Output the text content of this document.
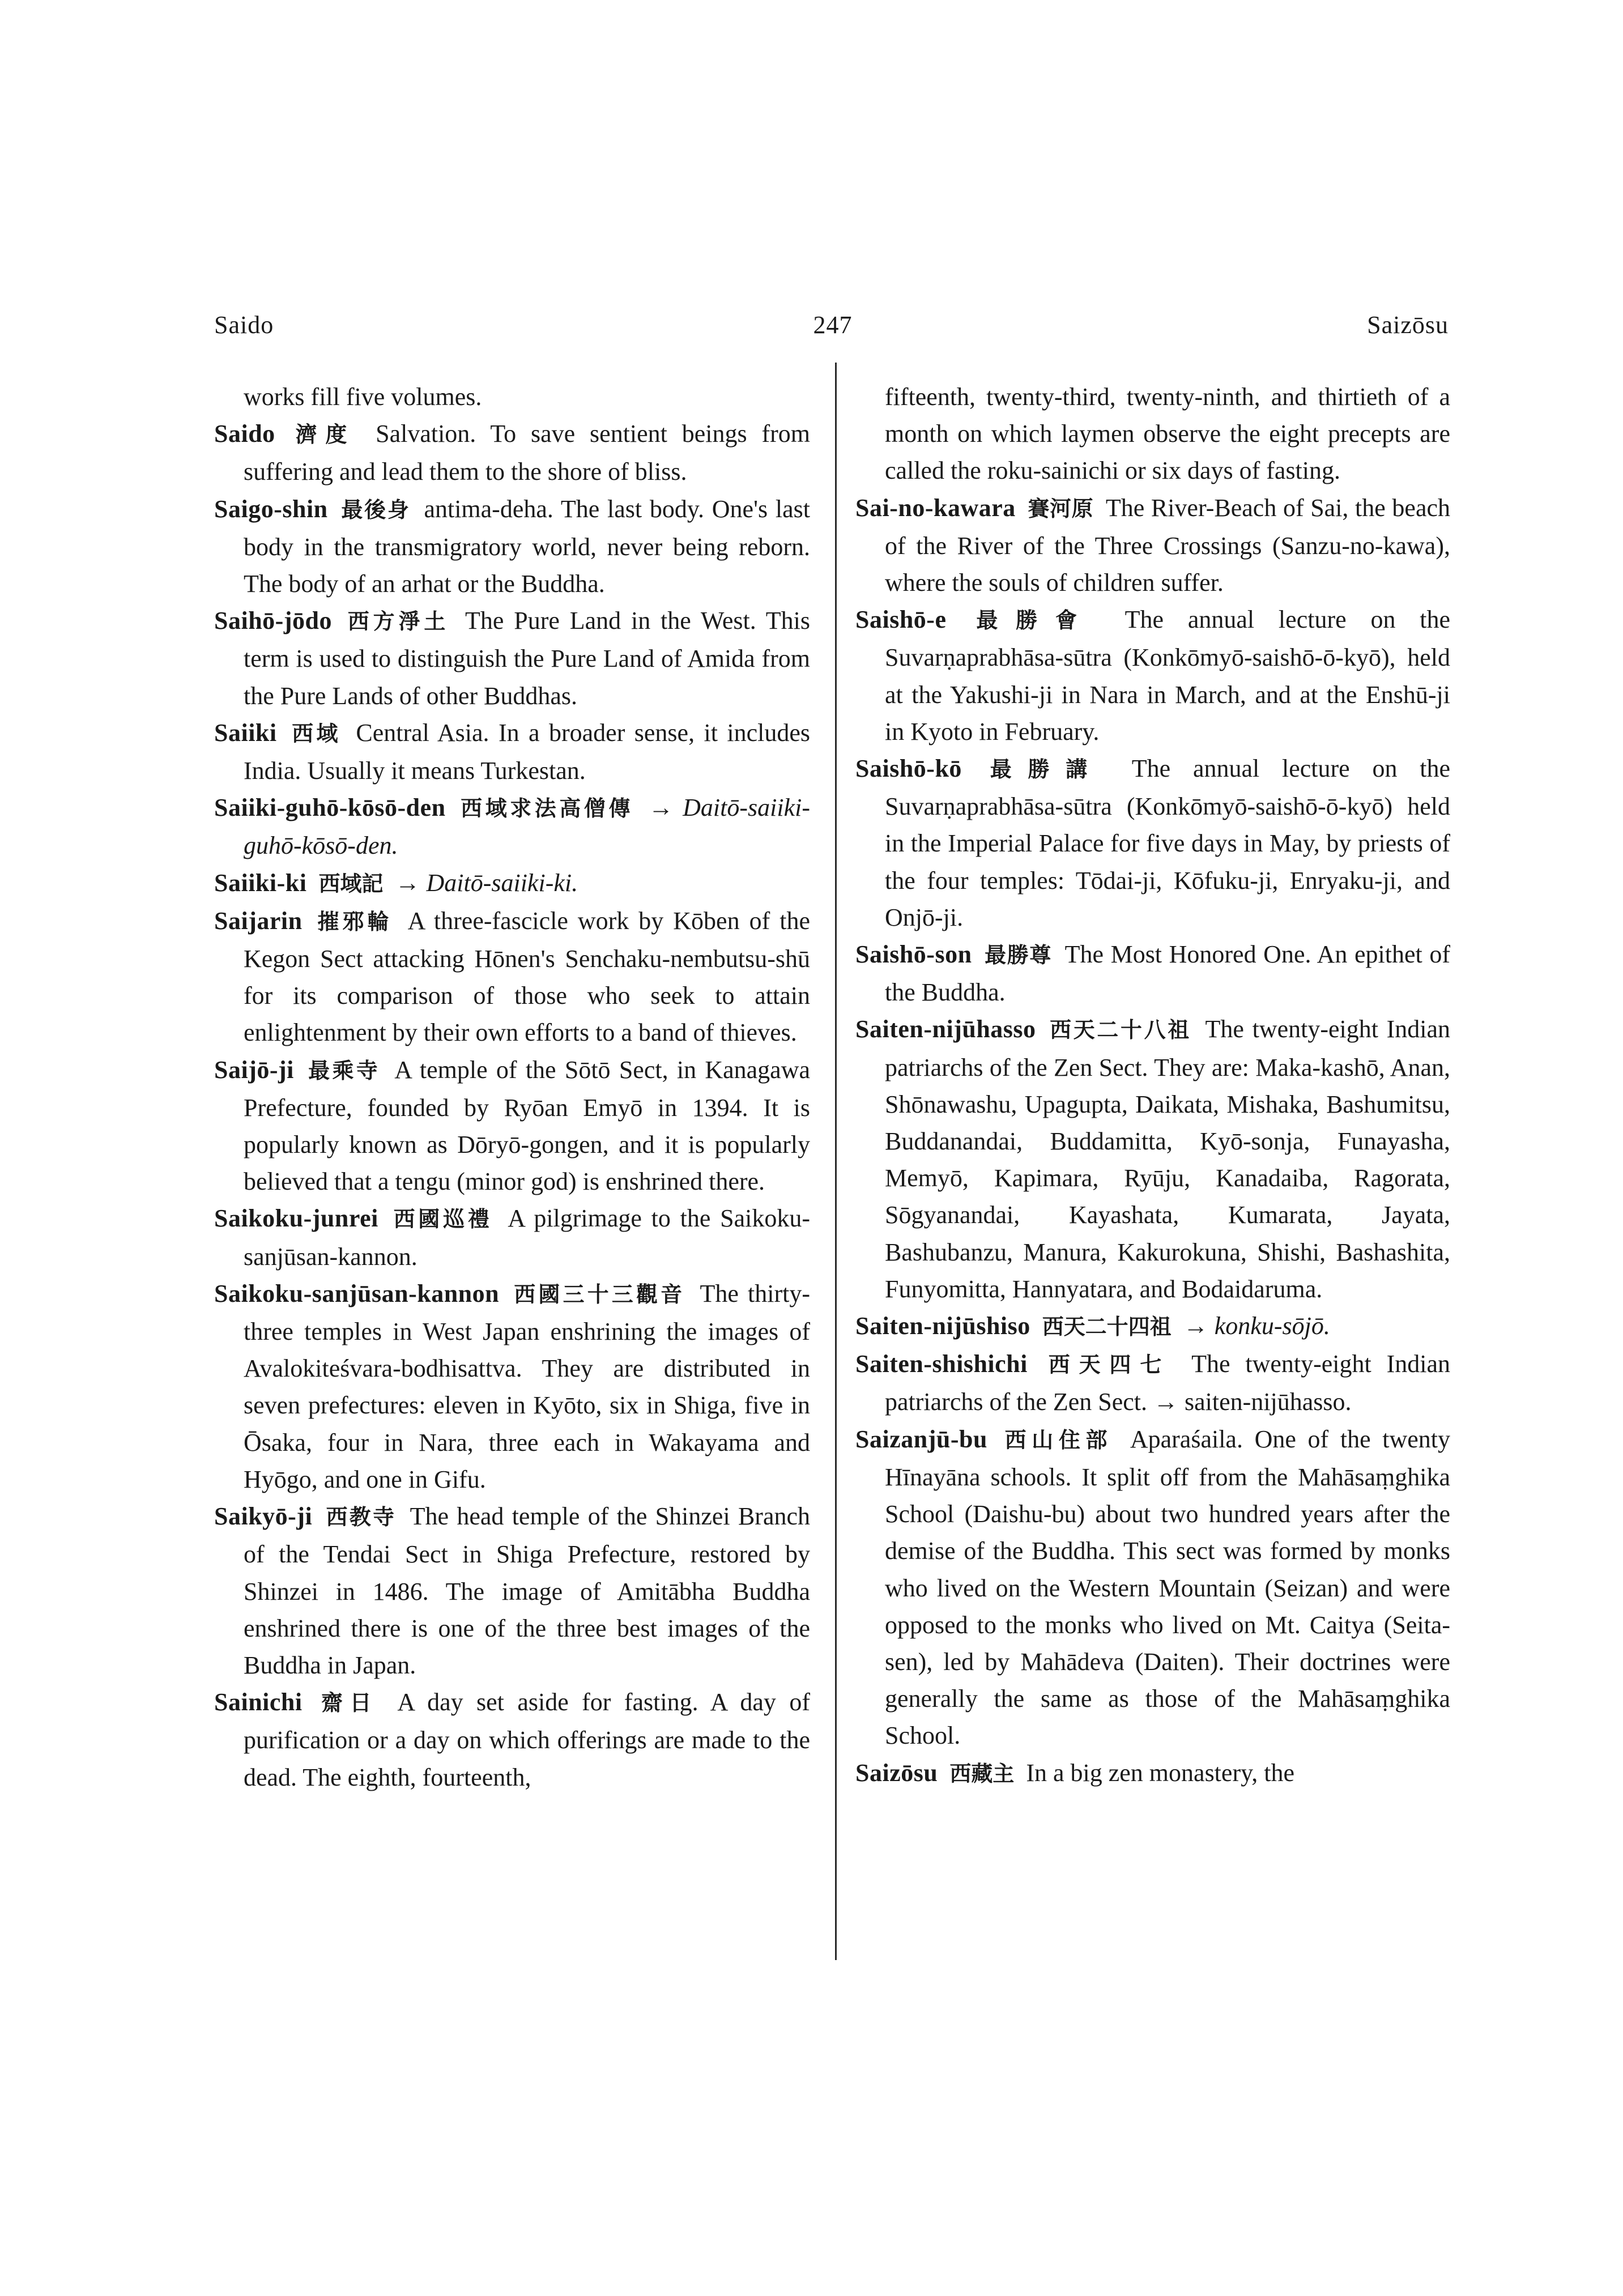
Saido	247	Saizōsu

works fill five volumes.

Saido 濟度 Salvation. To save sentient beings from suffering and lead them to the shore of bliss.

Saigo-shin 最後身 antima-deha. The last body. One's last body in the transmigratory world, never being reborn. The body of an arhat or the Buddha.

Saihō-jōdo 西方淨土 The Pure Land in the West. This term is used to distinguish the Pure Land of Amida from the Pure Lands of other Buddhas.

Saiiki 西域 Central Asia. In a broader sense, it includes India. Usually it means Turkestan.

Saiiki-guhō-kōsō-den 西域求法高僧傳 → Daitō-saiiki-guhō-kōsō-den.

Saiiki-ki 西域記 → Daitō-saiiki-ki.

Saijarin 摧邪輪 A three-fascicle work by Kōben of the Kegon Sect attacking Hōnen's Senchaku-nembutsu-shū for its comparison of those who seek to attain enlightenment by their own efforts to a band of thieves.

Saijō-ji 最乘寺 A temple of the Sōtō Sect, in Kanagawa Prefecture, founded by Ryōan Emyō in 1394. It is popularly known as Dōryō-gongen, and it is popularly believed that a tengu (minor god) is enshrined there.

Saikoku-junrei 西國巡禮 A pilgrimage to the Saikoku-sanjūsan-kannon.

Saikoku-sanjūsan-kannon 西國三十三觀音 The thirty-three temples in West Japan enshrining the images of Avalokiteśvara-bodhisattva. They are distributed in seven prefectures: eleven in Kyōto, six in Shiga, five in Ōsaka, four in Nara, three each in Wakayama and Hyōgo, and one in Gifu.

Saikyō-ji 西教寺 The head temple of the Shinzei Branch of the Tendai Sect in Shiga Prefecture, restored by Shinzei in 1486. The image of Amitābha Buddha enshrined there is one of the three best images of the Buddha in Japan.

Sainichi 齋日 A day set aside for fasting. A day of purification or a day on which offerings are made to the dead. The eighth, fourteenth,

fifteenth, twenty-third, twenty-ninth, and thirtieth of a month on which laymen observe the eight precepts are called the roku-sainichi or six days of fasting.

Sai-no-kawara 賽河原 The River-Beach of Sai, the beach of the River of the Three Crossings (Sanzu-no-kawa), where the souls of children suffer.

Saishō-e 最勝會 The annual lecture on the Suvarṇaprabhāsa-sūtra (Konkōmyō-saishō-ō-kyō), held at the Yakushi-ji in Nara in March, and at the Enshū-ji in Kyoto in February.

Saishō-kō 最勝講 The annual lecture on the Suvarṇaprabhāsa-sūtra (Konkōmyō-saishō-ō-kyō) held in the Imperial Palace for five days in May, by priests of the four temples: Tōdai-ji, Kōfuku-ji, Enryaku-ji, and Onjō-ji.

Saishō-son 最勝尊 The Most Honored One. An epithet of the Buddha.

Saiten-nijūhasso 西天二十八祖 The twenty-eight Indian patriarchs of the Zen Sect. They are: Maka-kashō, Anan, Shōnawashu, Upagupta, Daikata, Mishaka, Bashumitsu, Buddanandai, Buddamitta, Kyō-sonja, Funayasha, Memyō, Kapimara, Ryūju, Kanadaiba, Ragorata, Sōgyanandai, Kayashata, Kumarata, Jayata, Bashubanzu, Manura, Kakurokuna, Shishi, Bashashita, Funyomitta, Hannyatara, and Bodaidaruma.

Saiten-nijūshiso 西天二十四祖 → konku-sōjō.

Saiten-shishichi 西天四七 The twenty-eight Indian patriarchs of the Zen Sect. → saiten-nijūhasso.

Saizanjū-bu 西山住部 Aparaśaila. One of the twenty Hīnayāna schools. It split off from the Mahāsaṃghika School (Daishu-bu) about two hundred years after the demise of the Buddha. This sect was formed by monks who lived on the Western Mountain (Seizan) and were opposed to the monks who lived on Mt. Caitya (Seita-sen), led by Mahādeva (Daiten). Their doctrines were generally the same as those of the Mahāsaṃghika School.

Saizōsu 西藏主 In a big zen monastery, the
